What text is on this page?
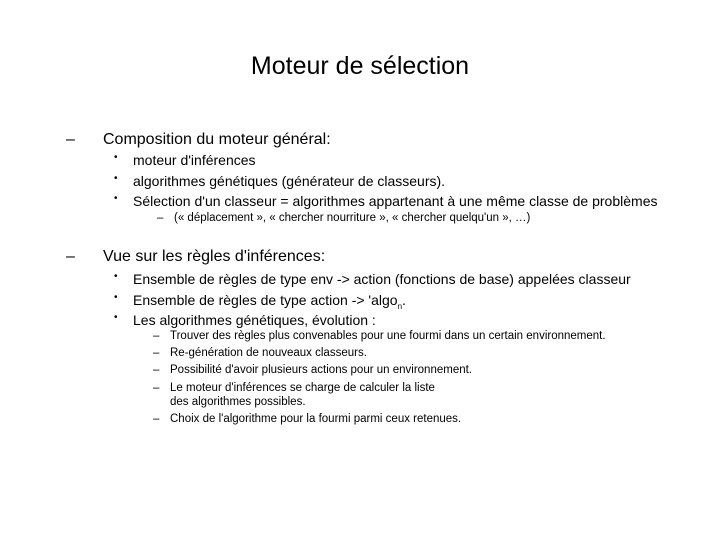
Moteur de sélection
– Composition du moteur général:
• moteur d'inférences
• algorithmes génétiques (générateur de classeurs).
• Sélection d'un classeur = algorithmes appartenant à une même classe de problèmes
– (« déplacement », « chercher nourriture », « chercher quelqu'un », …)
– Vue sur les règles d'inférences:
• Ensemble de règles de type env -> action (fonctions de base) appelées classeur
• Ensemble de règles de type action -> 'algo$_n$.
• Les algorithmes génétiques, évolution :
– Trouver des règles plus convenables pour une fourmi dans un certain environnement.
– Re-génération de nouveaux classeurs.
– Possibilité d'avoir plusieurs actions pour un environnement.
– Le moteur d'inférences se charge de calculer la liste
des algorithmes possibles.
– Choix de l'algorithme pour la fourmi parmi ceux retenues.
